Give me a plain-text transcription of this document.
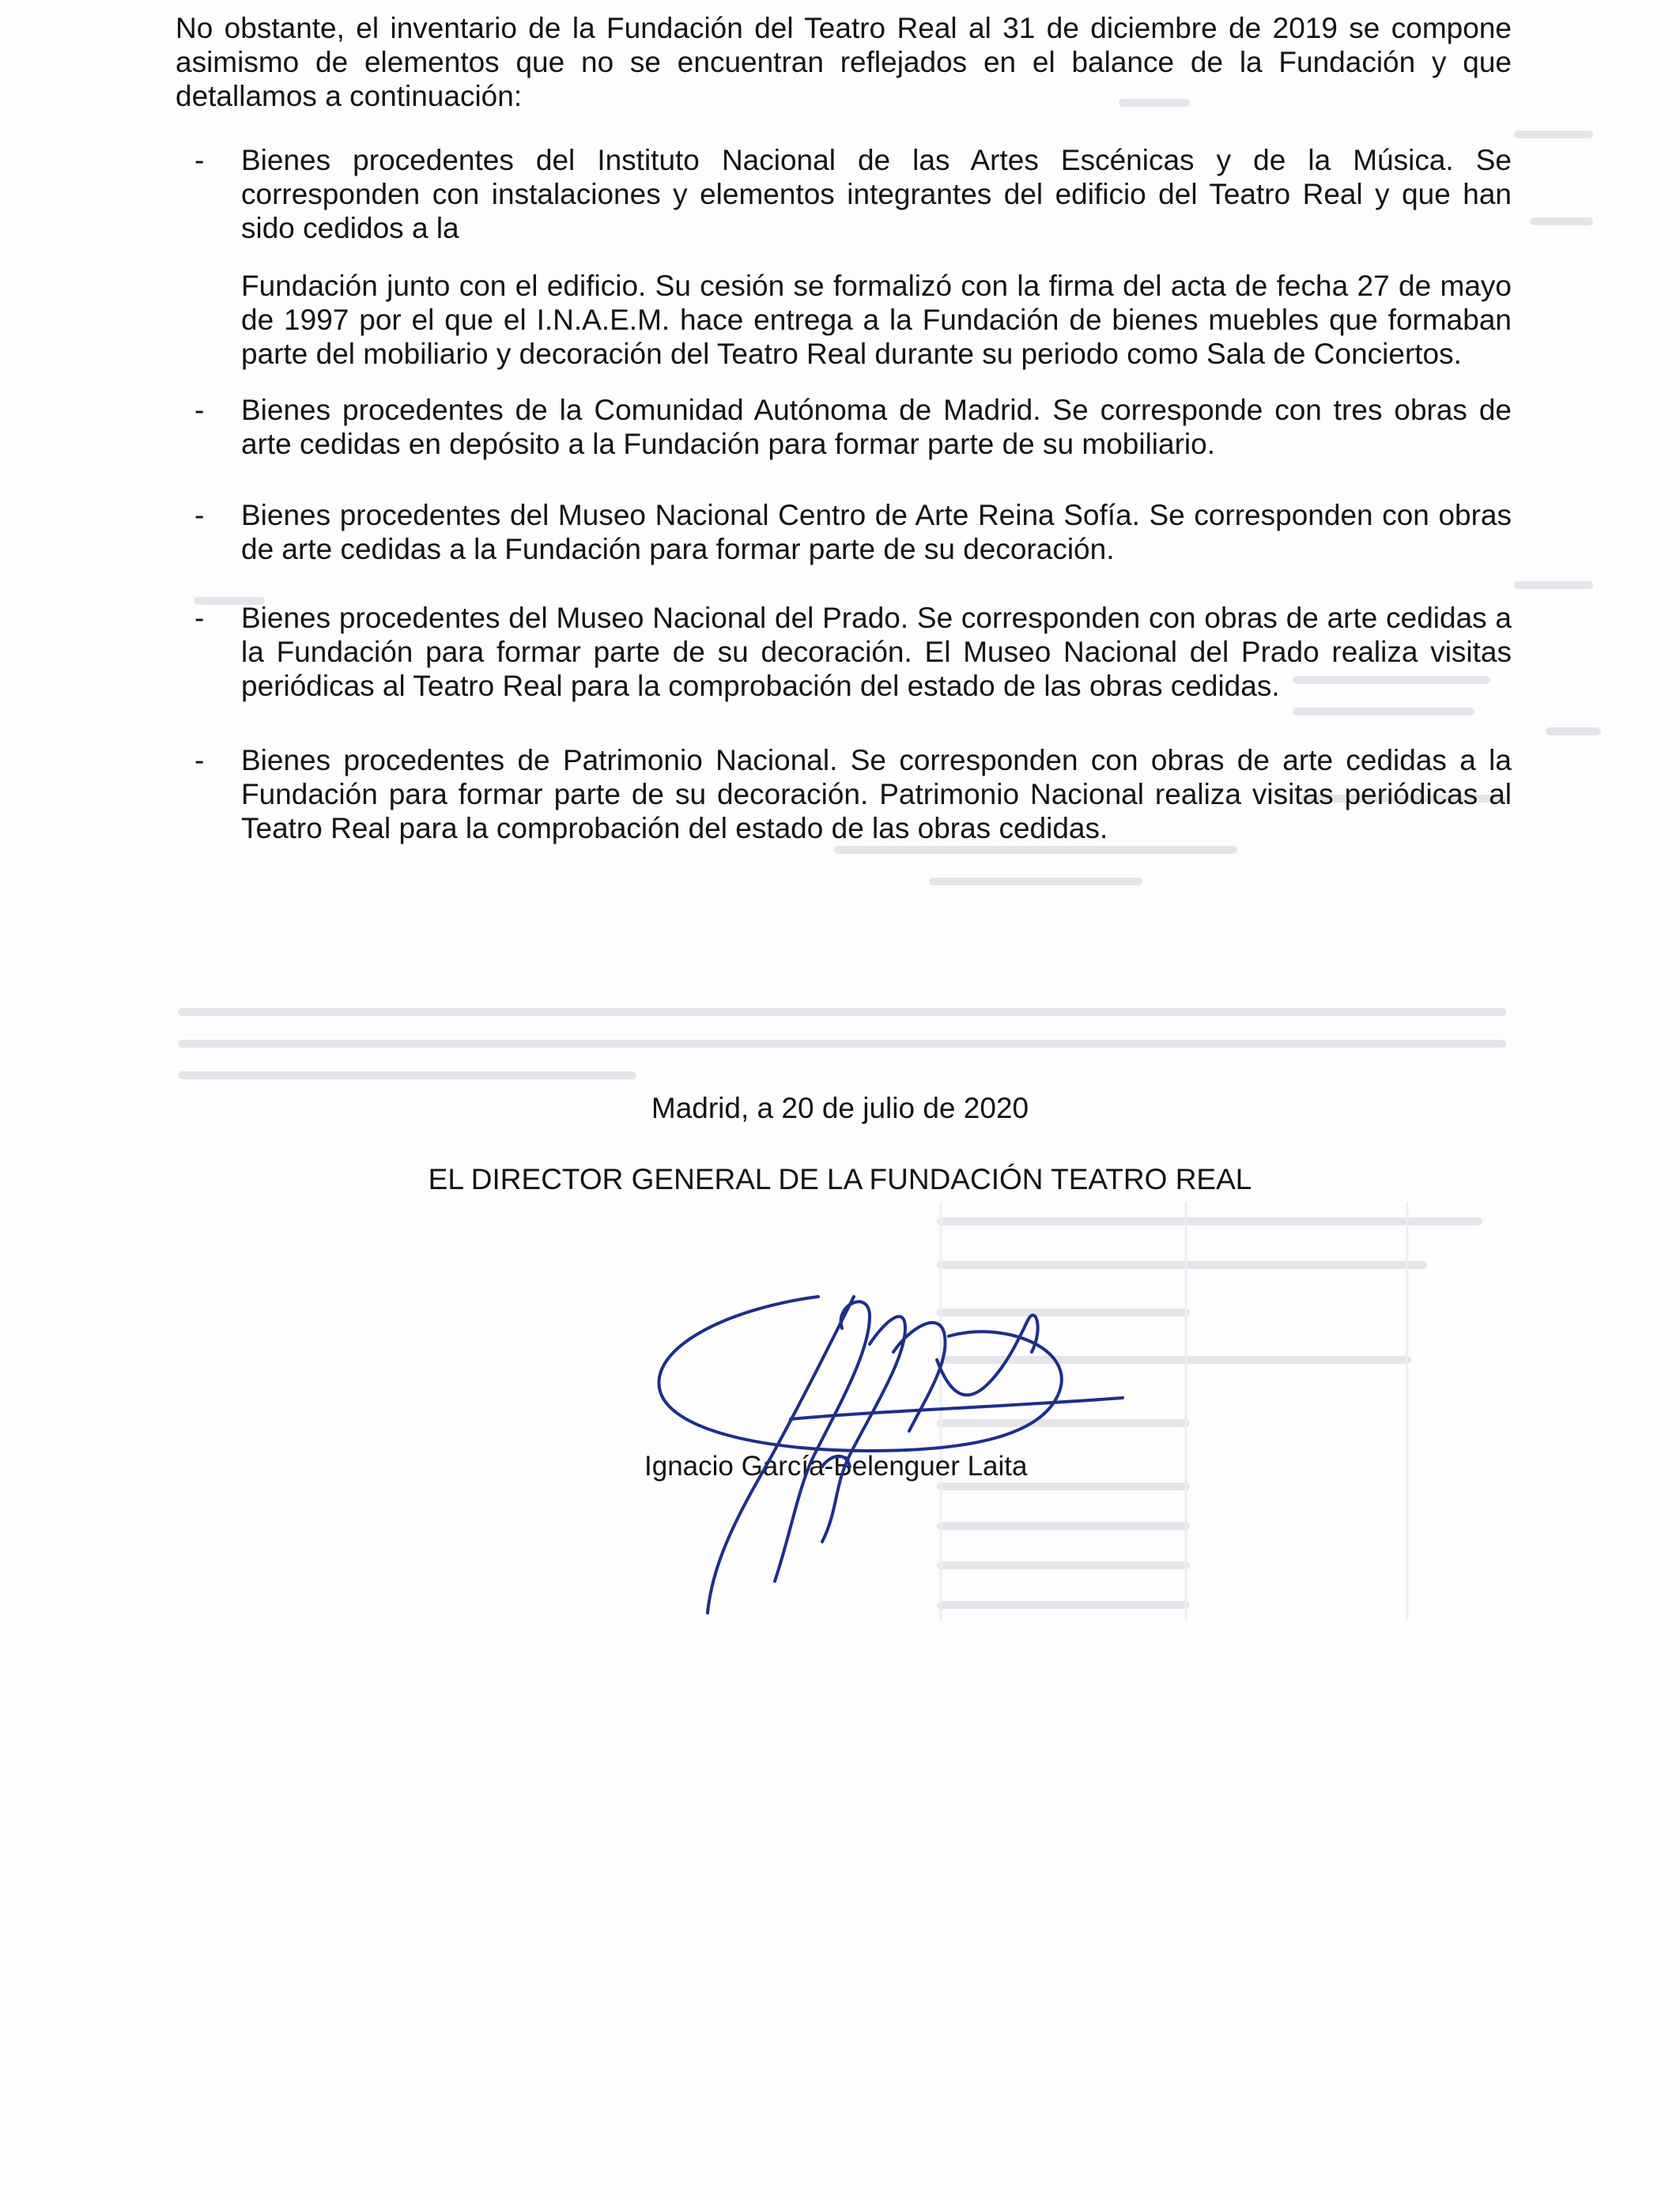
No obstante, el inventario de la Fundación del Teatro Real al 31 de diciembre de 2019 se compone asimismo de elementos que no se encuentran reflejados en el balance de la Fundación y que detallamos a continuación:
- Bienes procedentes del Instituto Nacional de las Artes Escénicas y de la Música. Se corresponden con instalaciones y elementos integrantes del edificio del Teatro Real y que han sido cedidos a la

Fundación junto con el edificio. Su cesión se formalizó con la firma del acta de fecha 27 de mayo de 1997 por el que el I.N.A.E.M. hace entrega a la Fundación de bienes muebles que formaban parte del mobiliario y decoración del Teatro Real durante su periodo como Sala de Conciertos.

- Bienes procedentes de la Comunidad Autónoma de Madrid. Se corresponde con tres obras de arte cedidas en depósito a la Fundación para formar parte de su mobiliario.

- Bienes procedentes del Museo Nacional Centro de Arte Reina Sofía. Se corresponden con obras de arte cedidas a la Fundación para formar parte de su decoración.

- Bienes procedentes del Museo Nacional del Prado. Se corresponden con obras de arte cedidas a la Fundación para formar parte de su decoración. El Museo Nacional del Prado realiza visitas periódicas al Teatro Real para la comprobación del estado de las obras cedidas.

- Bienes procedentes de Patrimonio Nacional. Se corresponden con obras de arte cedidas a la Fundación para formar parte de su decoración. Patrimonio Nacional realiza visitas periódicas al Teatro Real para la comprobación del estado de las obras cedidas.

Madrid, a 20 de julio de 2020
EL DIRECTOR GENERAL DE LA FUNDACIÓN TEATRO REAL
Ignacio García-Belenguer Laita
